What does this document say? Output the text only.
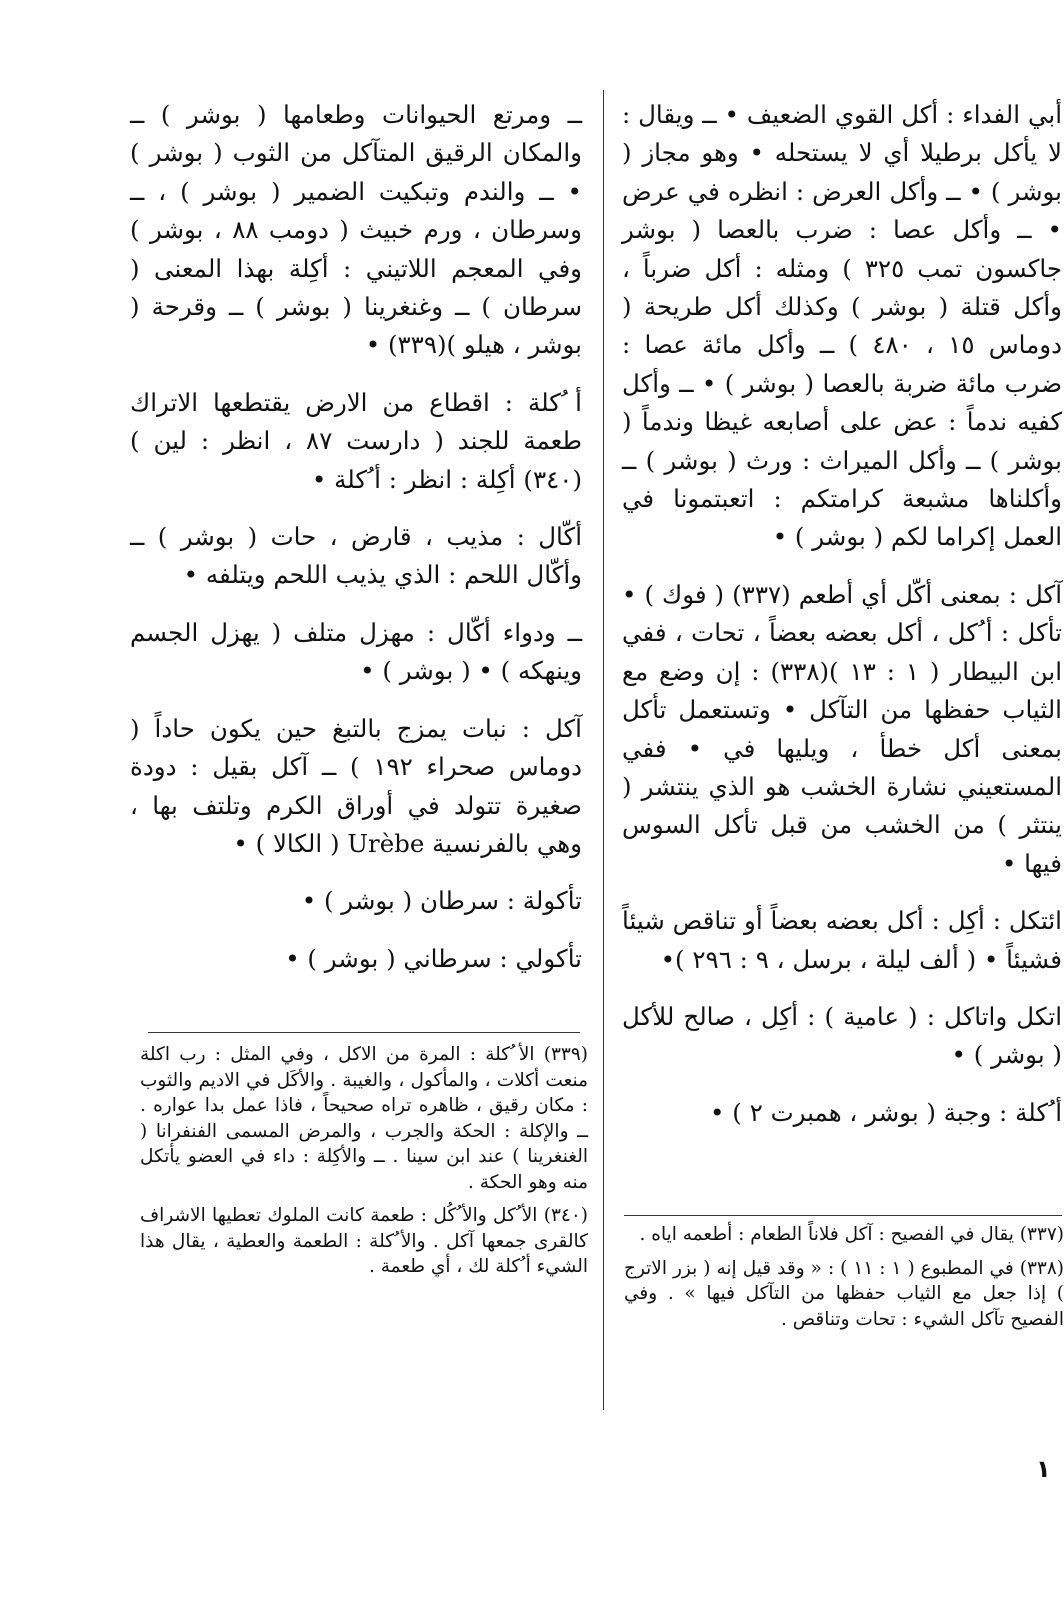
أبي الفداء : أكل القوي الضعيف • ــ ويقال : لا يأكل برطيلا أي لا يستحله • وهو مجاز ( بوشر ) • ــ وأكل العرض : انظره في عرض • ــ وأكل عصا : ضرب بالعصا ( بوشر جاكسون تمب ٣٢٥ ) ومثله : أكل ضرباً ، وأكل قتلة ( بوشر ) وكذلك أكل طريحة ( دوماس ١٥ ، ٤٨٠ ) ــ وأكل مائة عصا : ضرب مائة ضربة بالعصا ( بوشر ) • ــ وأكل كفيه ندماً : عض على أصابعه غيظا وندماً ( بوشر ) ــ وأكل الميراث : ورث ( بوشر ) ــ وأكلناها مشبعة كرامتكم : اتعبتمونا في العمل إكراما لكم ( بوشر ) •

آكل : بمعنى أكّل أي أطعم (٣٣٧) ( فوك ) • تأكل : أ ُكل ، أكل بعضه بعضاً ، تحات ، ففي ابن البيطار ( ١ : ١٣ )(٣٣٨) : إن وضع مع الثياب حفظها من التآكل • وتستعمل تأكل بمعنى أكل خطأ ، ويليها في • ففي المستعيني نشارة الخشب هو الذي ينتشر ( ينتثر ) من الخشب من قبل تأكل السوس فيها •

ائتكل : أكِل : أكل بعضه بعضاً أو تناقص شيئاً فشيئاً • ( ألف ليلة ، برسل ، ٩ : ٢٩٦ )•

اتكل واتاكل : ( عامية ) : أكِل ، صالح للأكل ( بوشر ) •

أ ُكلة : وجبة ( بوشر ، همبرت ٢ ) •

ــ ومرتع الحيوانات وطعامها ( بوشر ) ــ والمكان الرقيق المتآكل من الثوب ( بوشر ) • ــ والندم وتبكيت الضمير ( بوشر ) ، ــ وسرطان ، ورم خبيث ( دومب ٨٨ ، بوشر ) وفي المعجم اللاتيني : أكِلة بهذا المعنى ( سرطان ) ــ وغنغرينا ( بوشر ) ــ وقرحة ( بوشر ، هيلو )(٣٣٩) •

أ ُكلة : اقطاع من الارض يقتطعها الاتراك طعمة للجند ( دارست ٨٧ ، انظر : لين )(٣٤٠) أكِلة : انظر : أ ُكلة •

أكّال : مذيب ، قارض ، حات ( بوشر ) ــ وأكّال اللحم : الذي يذيب اللحم ويتلفه •

ــ ودواء أكّال : مهزل متلف ( يهزل الجسم وينهكه ) • ( بوشر ) •

آكل : نبات يمزج بالتبغ حين يكون حاداً ( دوماس صحراء ١٩٢ ) ــ آكل بقيل : دودة صغيرة تتولد في أوراق الكرم وتلتف بها ، وهي بالفرنسية Urèbe ( الكالا ) •

تأكولة : سرطان ( بوشر ) •

تأكولي : سرطاني ( بوشر ) •

(٣٣٩) الأ ُكلة : المرة من الاكل ، وفي المثل : رب اكلة منعت أكلات ، والمأكول ، والغيبة . والأكَل في الاديم والثوب : مكان رقيق ، ظاهره تراه صحيحاً ، فاذا عمل بدا عواره . ــ والإكلة : الحكة والجرب ، والمرض المسمى الفنفرانا ( الغنغرينا ) عند ابن سينا . ــ والأكِلة : داء في العضو يأتكل منه وهو الحكة .

(٣٤٠) الأ ُكل والأ ُكُل : طعمة كانت الملوك تعطيها الاشراف كالقرى جمعها آكل . والأ ُكلة : الطعمة والعطية ، يقال هذا الشيء أ ُكلة لك ، أي طعمة .

(٣٣٧) يقال في الفصيح : آكل فلاناً الطعام : أطعمه اياه .

(٣٣٨) في المطبوع ( ١ : ١١ ) : « وقد قيل إنه ( بزر الاترج ) إذا جعل مع الثياب حفظها من التآكل فيها » . وفي الفصيح تآكل الشيء : تحات وتناقص .

١
